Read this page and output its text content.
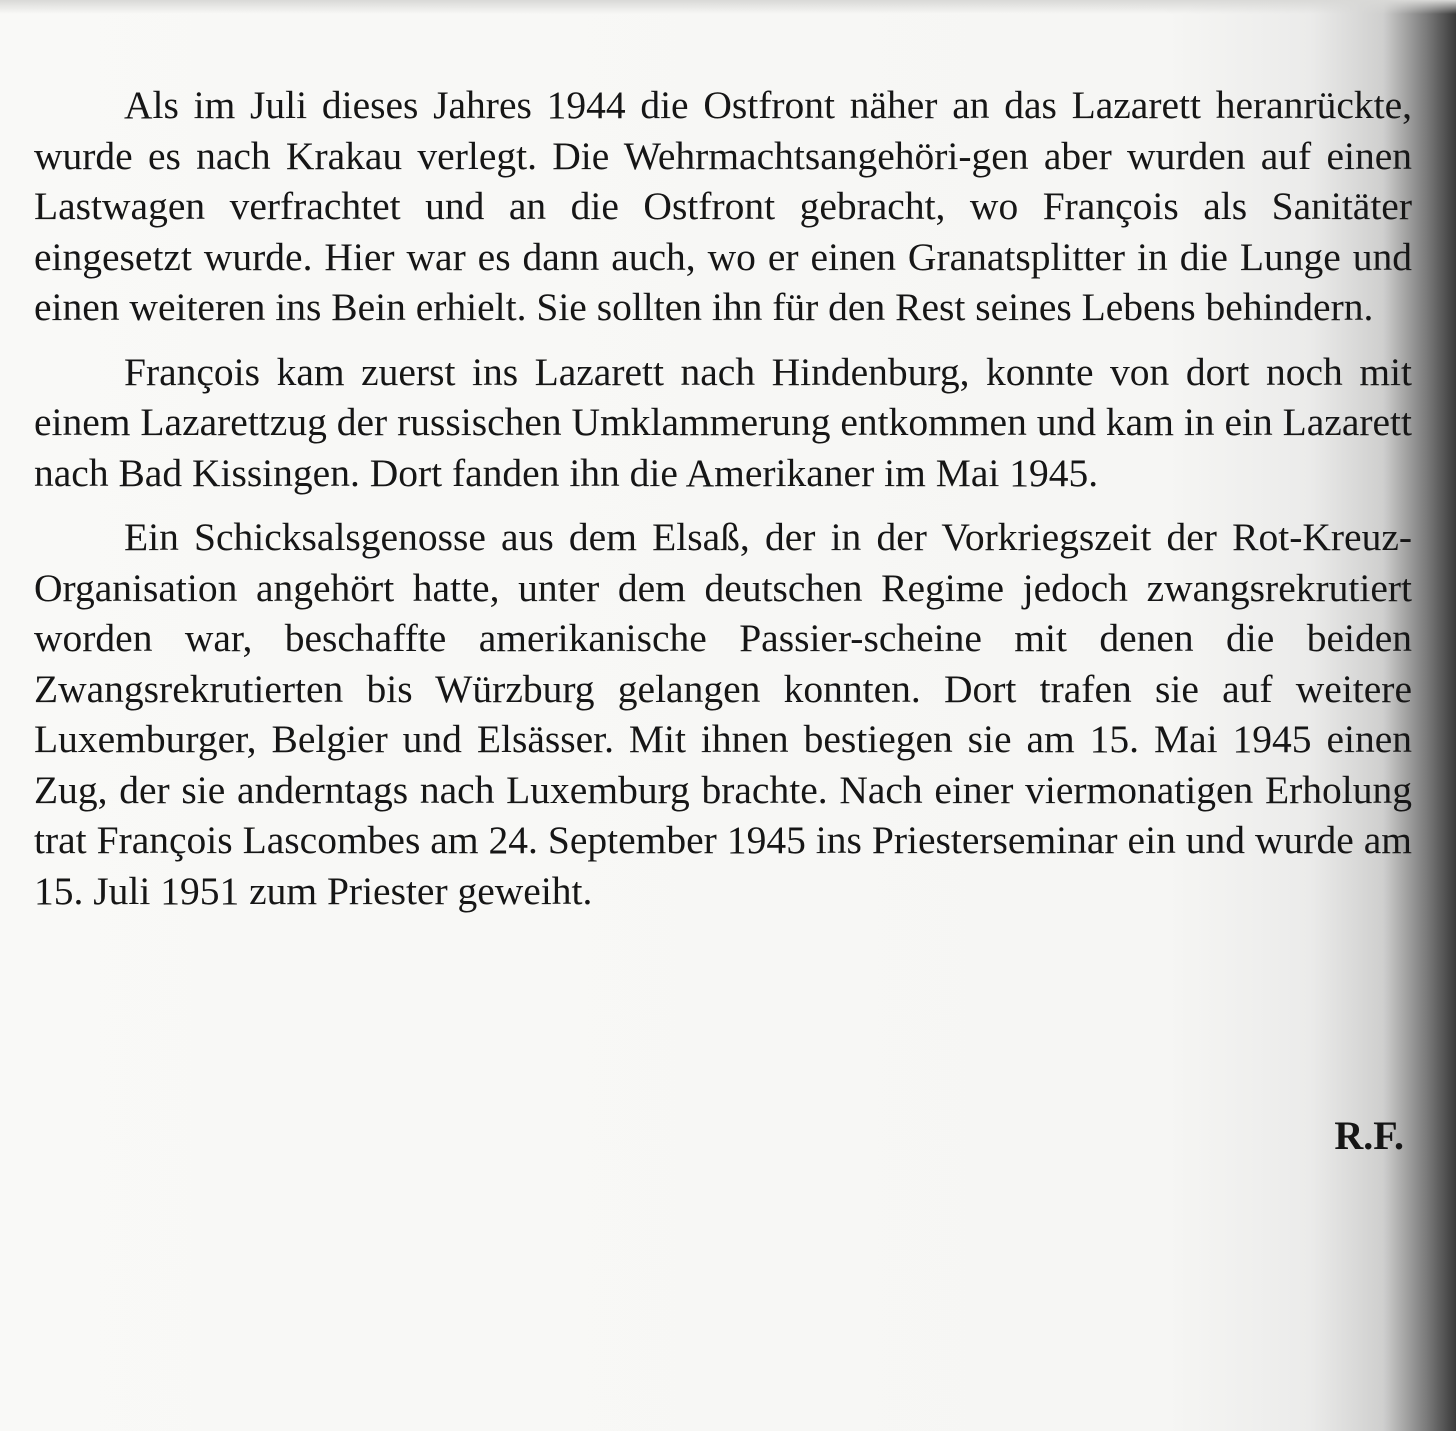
Als im Juli dieses Jahres 1944 die Ostfront näher an das Lazarett heranrückte, wurde es nach Krakau verlegt. Die Wehrmachtsangehöri-gen aber wurden auf einen Lastwagen verfrachtet und an die Ostfront gebracht, wo François als Sanitäter eingesetzt wurde. Hier war es dann auch, wo er einen Granatsplitter in die Lunge und einen weiteren ins Bein erhielt. Sie sollten ihn für den Rest seines Lebens behindern.

François kam zuerst ins Lazarett nach Hindenburg, konnte von dort noch mit einem Lazarettzug der russischen Umklammerung entkommen und kam in ein Lazarett nach Bad Kissingen. Dort fanden ihn die Amerikaner im Mai 1945.

Ein Schicksalsgenosse aus dem Elsaß, der in der Vorkriegszeit der Rot-Kreuz-Organisation angehört hatte, unter dem deutschen Regime jedoch zwangsrekrutiert worden war, beschaffte amerikanische Passier-scheine mit denen die beiden Zwangsrekrutierten bis Würzburg gelangen konnten. Dort trafen sie auf weitere Luxemburger, Belgier und Elsässer. Mit ihnen bestiegen sie am 15. Mai 1945 einen Zug, der sie anderntags nach Luxemburg brachte. Nach einer viermonatigen Erholung trat François Lascombes am 24. September 1945 ins Priesterseminar ein und wurde am 15. Juli 1951 zum Priester geweiht.

R.F.
